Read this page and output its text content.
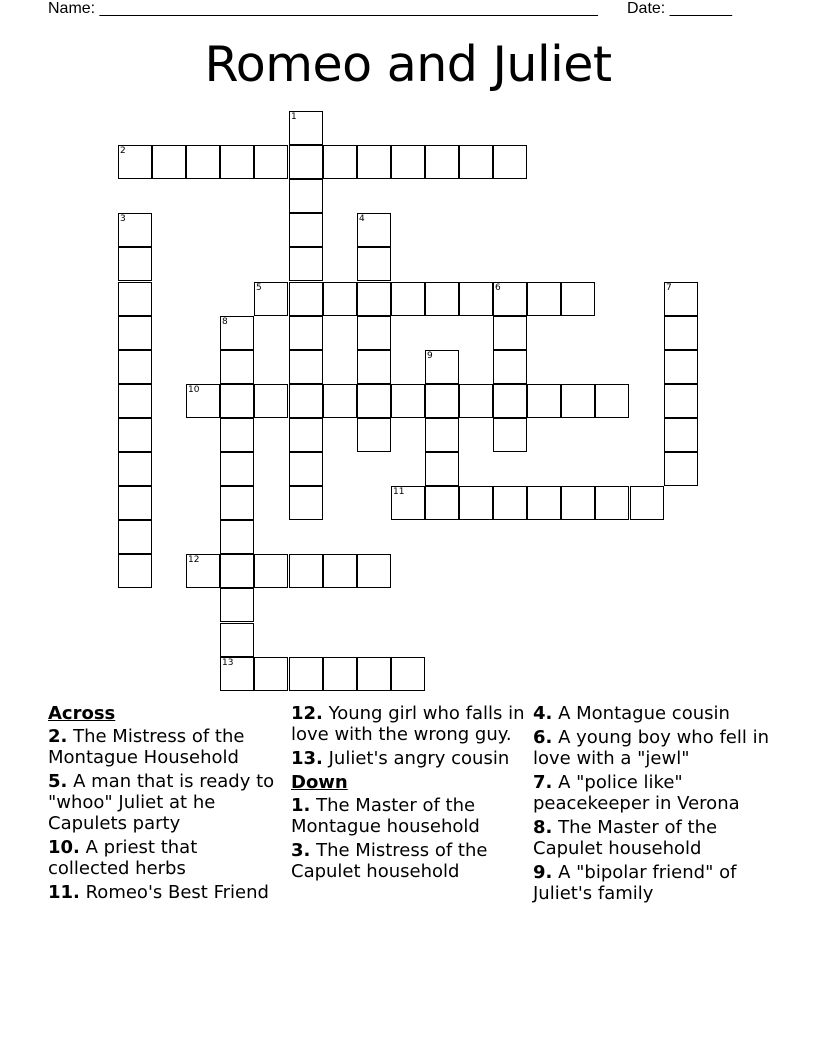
Name: ________________________________________________________ Date: _______
Romeo and Juliet
2
5	6
10
11
12
13
1
3	4
7
8
9
Across
2. The Mistress of the Montague Household
5. A man that is ready to "whoo" Juliet at he Capulets party
10. A priest that collected herbs
11. Romeo's Best Friend
12. Young girl who falls in love with the wrong guy.
13. Juliet's angry cousin
Down
1. The Master of the Montague household
3. The Mistress of the Capulet household
4. A Montague cousin
6. A young boy who fell in love with a "jewl"
7. A "police like" peacekeeper in Verona
8. The Master of the Capulet household
9. A "bipolar friend" of Juliet's family
